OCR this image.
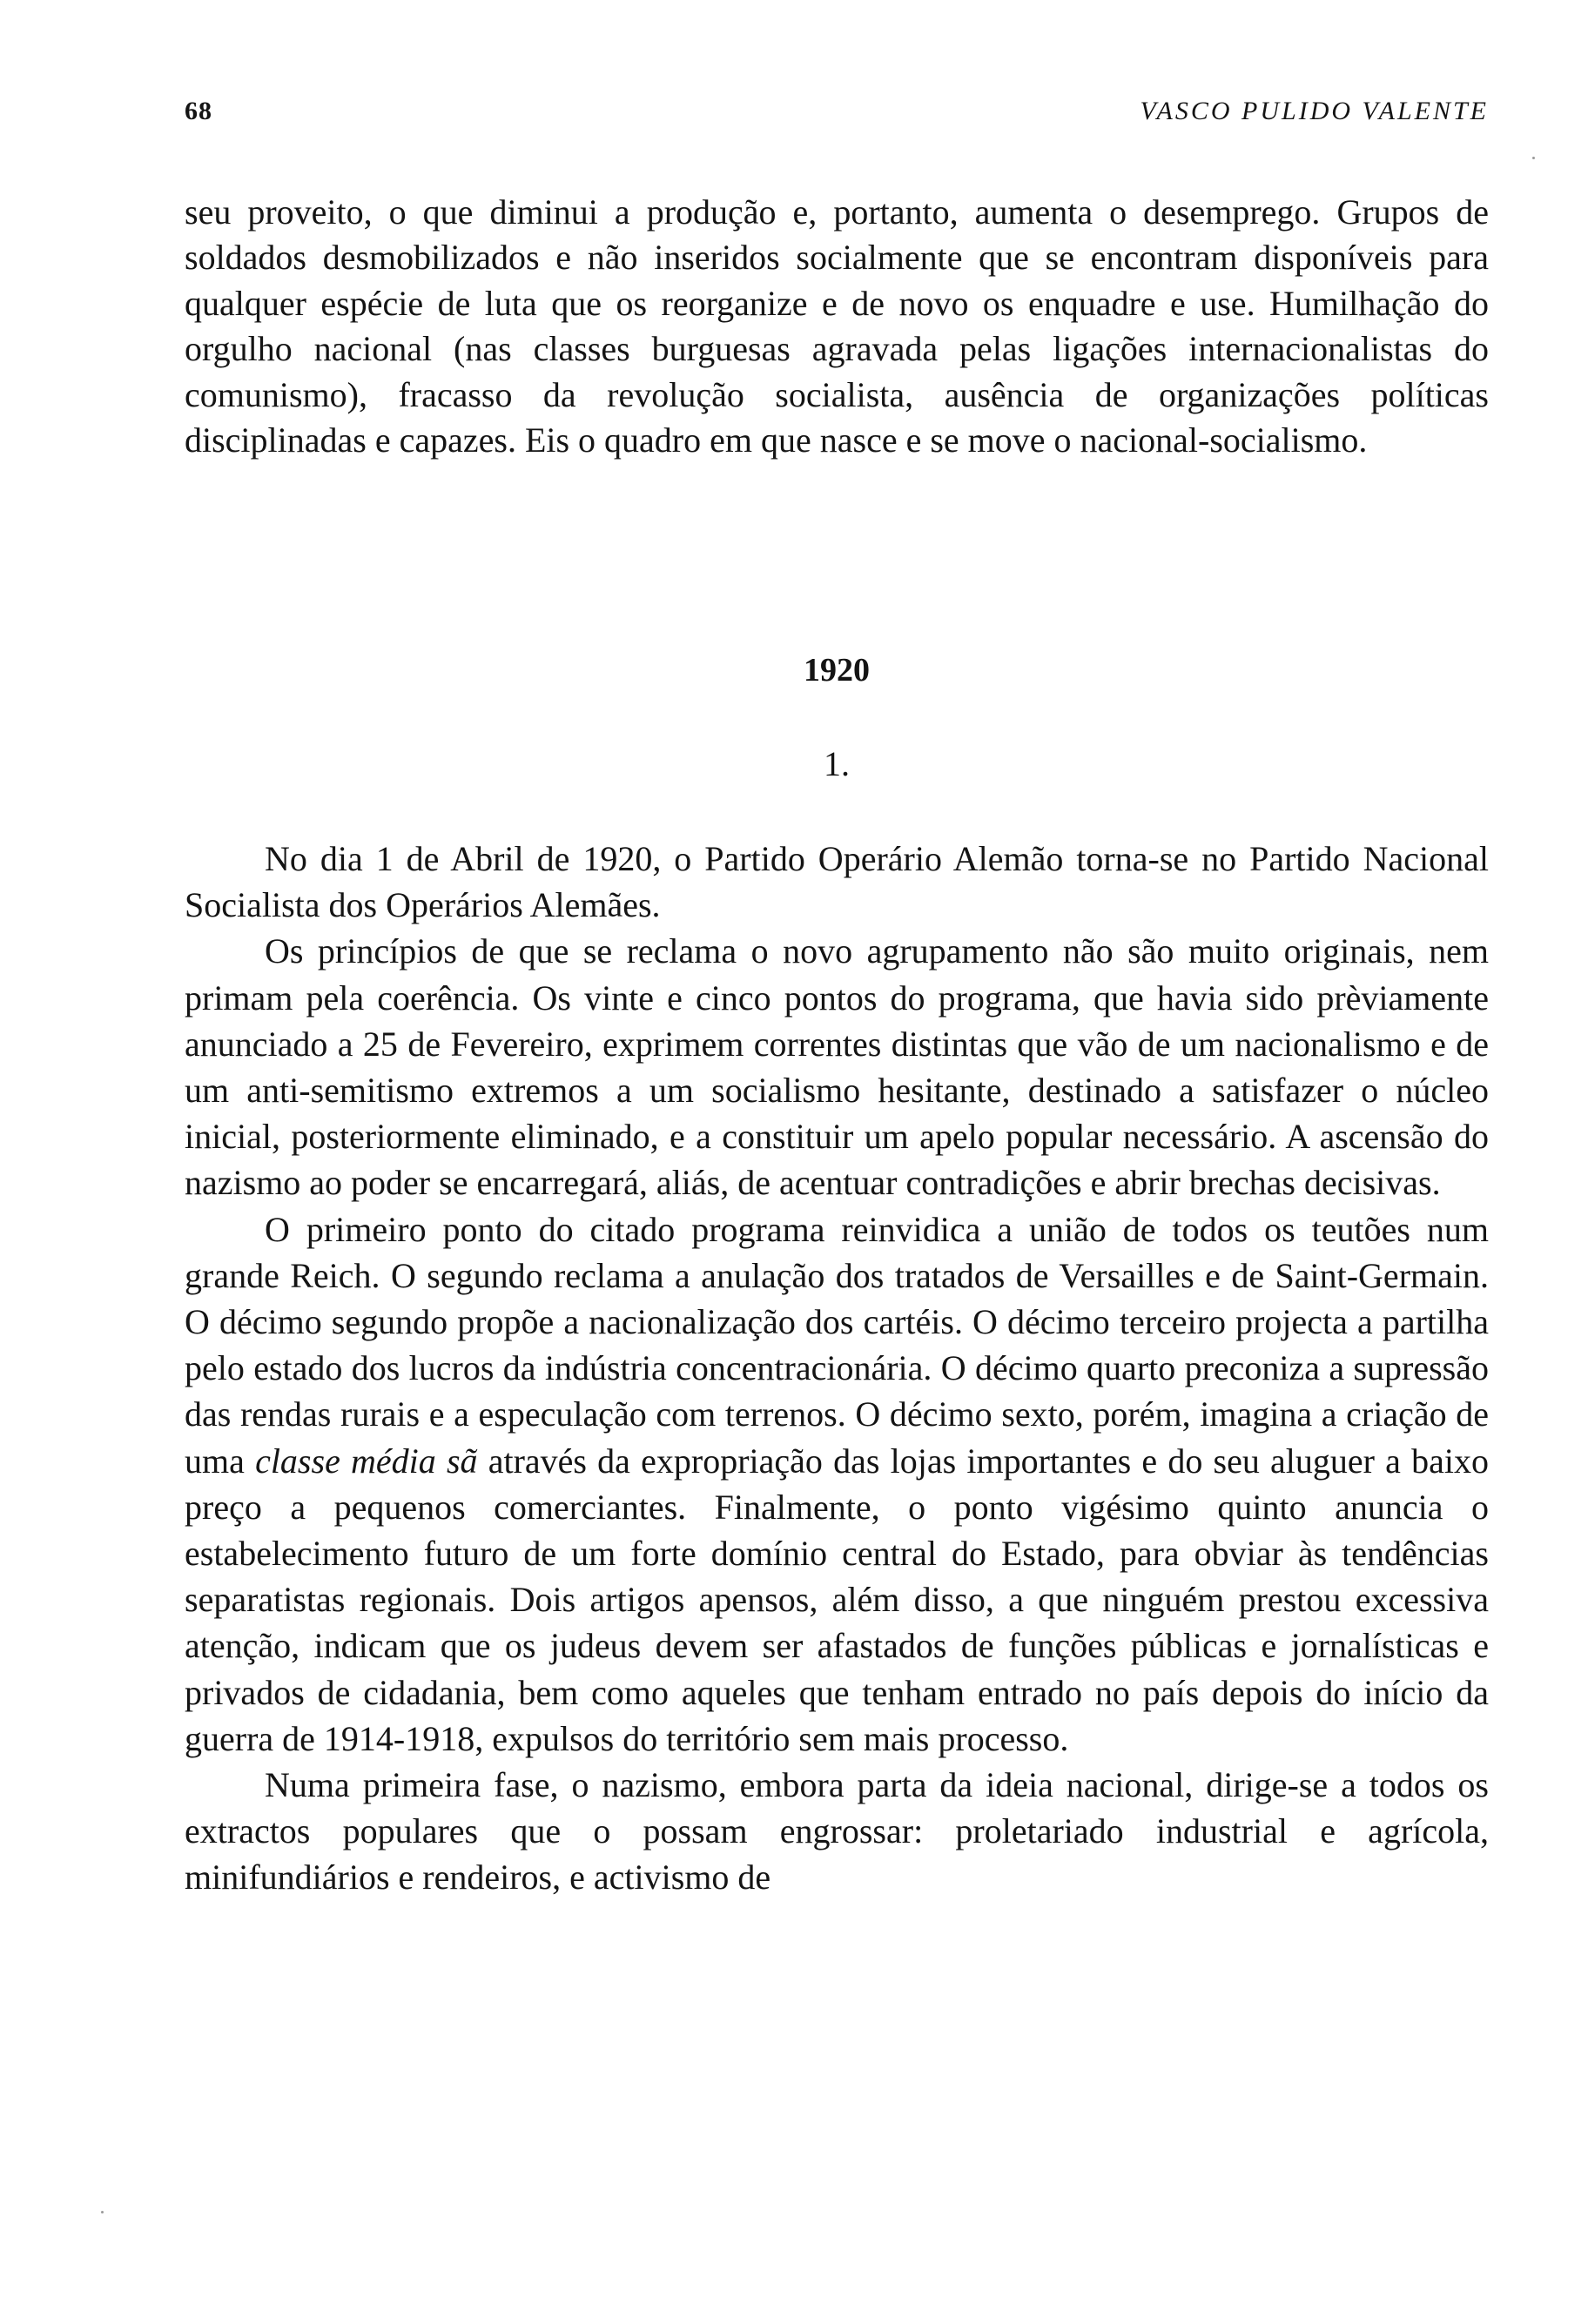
68	VASCO PULIDO VALENTE

seu proveito, o que diminui a produção e, portanto, aumenta o desemprego. Grupos de soldados desmobilizados e não inseridos socialmente que se encontram disponíveis para qualquer espécie de luta que os reorganize e de novo os enquadre e use. Humilhação do orgulho nacional (nas classes burguesas agravada pelas ligações internacionalistas do comunismo), fracasso da revolução socialista, ausência de organizações políticas disciplinadas e capazes. Eis o quadro em que nasce e se move o nacional-socialismo.

1920
1.

No dia 1 de Abril de 1920, o Partido Operário Alemão torna-se no Partido Nacional Socialista dos Operários Alemães.

Os princípios de que se reclama o novo agrupamento não são muito originais, nem primam pela coerência. Os vinte e cinco pontos do programa, que havia sido prèviamente anunciado a 25 de Fevereiro, exprimem correntes distintas que vão de um nacionalismo e de um anti-semitismo extremos a um socialismo hesitante, destinado a satisfazer o núcleo inicial, posteriormente eliminado, e a constituir um apelo popular necessário. A ascensão do nazismo ao poder se encarregará, aliás, de acentuar contradições e abrir brechas decisivas.

O primeiro ponto do citado programa reinvidica a união de todos os teutões num grande Reich. O segundo reclama a anulação dos tratados de Versailles e de Saint-Germain. O décimo segundo propõe a nacionalização dos cartéis. O décimo terceiro projecta a partilha pelo estado dos lucros da indústria concentracionária. O décimo quarto preconiza a supressão das rendas rurais e a especulação com terrenos. O décimo sexto, porém, imagina a criação de uma classe média sã através da expropriação das lojas importantes e do seu aluguer a baixo preço a pequenos comerciantes. Finalmente, o ponto vigésimo quinto anuncia o estabelecimento futuro de um forte domínio central do Estado, para obviar às tendências separatistas regionais. Dois artigos apensos, além disso, a que ninguém prestou excessiva atenção, indicam que os judeus devem ser afastados de funções públicas e jornalísticas e privados de cidadania, bem como aqueles que tenham entrado no país depois do início da guerra de 1914-1918, expulsos do território sem mais processo.

Numa primeira fase, o nazismo, embora parta da ideia nacional, dirige-se a todos os extractos populares que o possam engrossar: proletariado industrial e agrícola, minifundiários e rendeiros, e activismo de
